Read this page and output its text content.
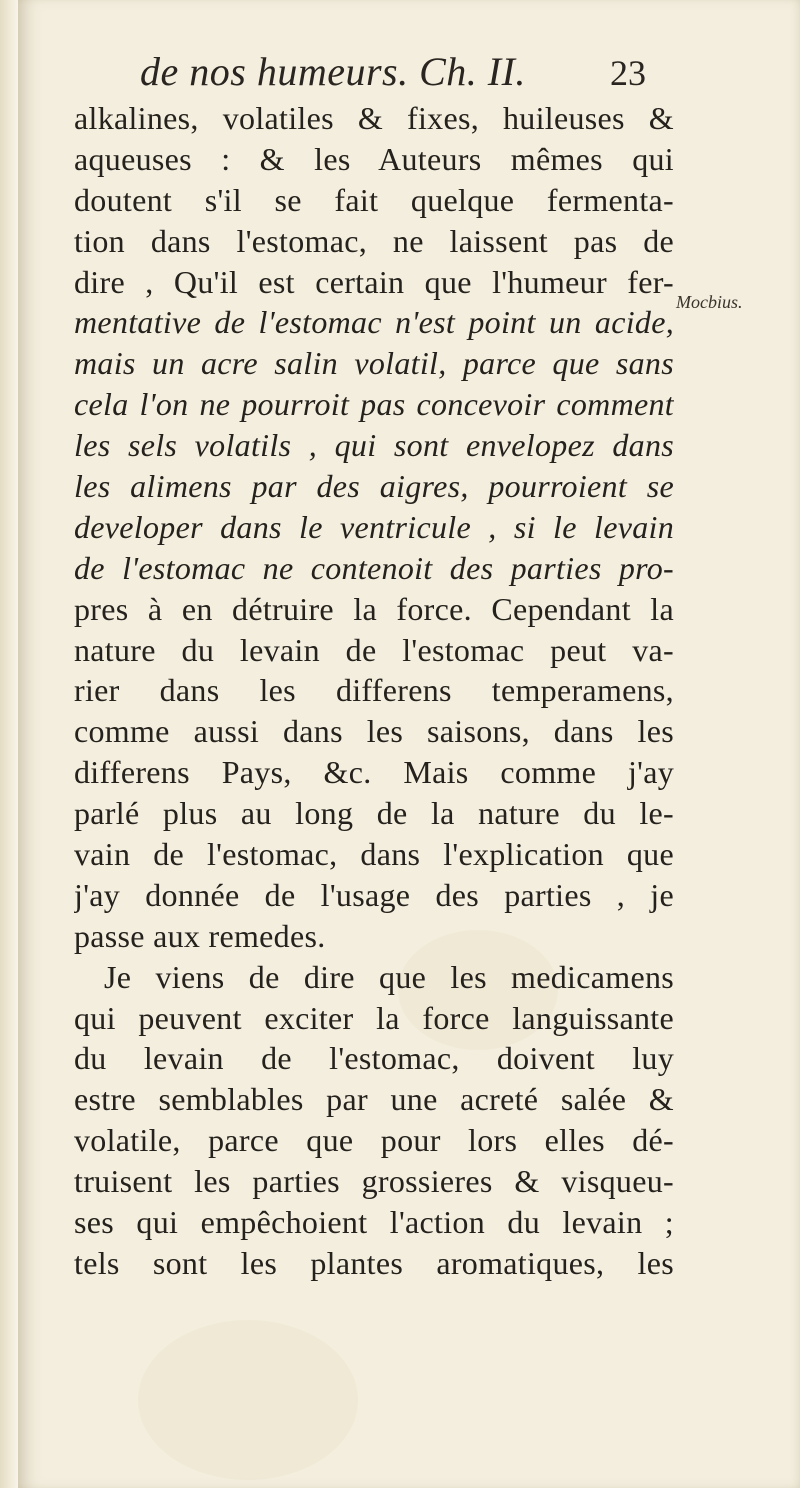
de nos humeurs. Ch. II. 23
Mocbius.
alkalines, volatiles & fixes, huileuses &
aqueuses : & les Auteurs mêmes qui
doutent s'il se fait quelque fermenta-
tion dans l'estomac, ne laissent pas de
dire , Qu'il est certain que l'humeur fer-
mentative de l'estomac n'est point un acide,
mais un acre salin volatil, parce que sans
cela l'on ne pourroit pas concevoir comment
les sels volatils , qui sont envelopez dans
les alimens par des aigres, pourroient se
developer dans le ventricule , si le levain
de l'estomac ne contenoit des parties pro-
pres à en détruire la force. Cependant la
nature du levain de l'estomac peut va-
rier dans les differens temperamens,
comme aussi dans les saisons, dans les
differens Pays, &c. Mais comme j'ay
parlé plus au long de la nature du le-
vain de l'estomac, dans l'explication que
j'ay donnée de l'usage des parties , je
passe aux remedes.
Je viens de dire que les medicamens
qui peuvent exciter la force languissante
du levain de l'estomac, doivent luy
estre semblables par une acreté salée &
volatile, parce que pour lors elles dé-
truisent les parties grossieres & visqueu-
ses qui empêchoient l'action du levain ;
tels sont les plantes aromatiques, les
